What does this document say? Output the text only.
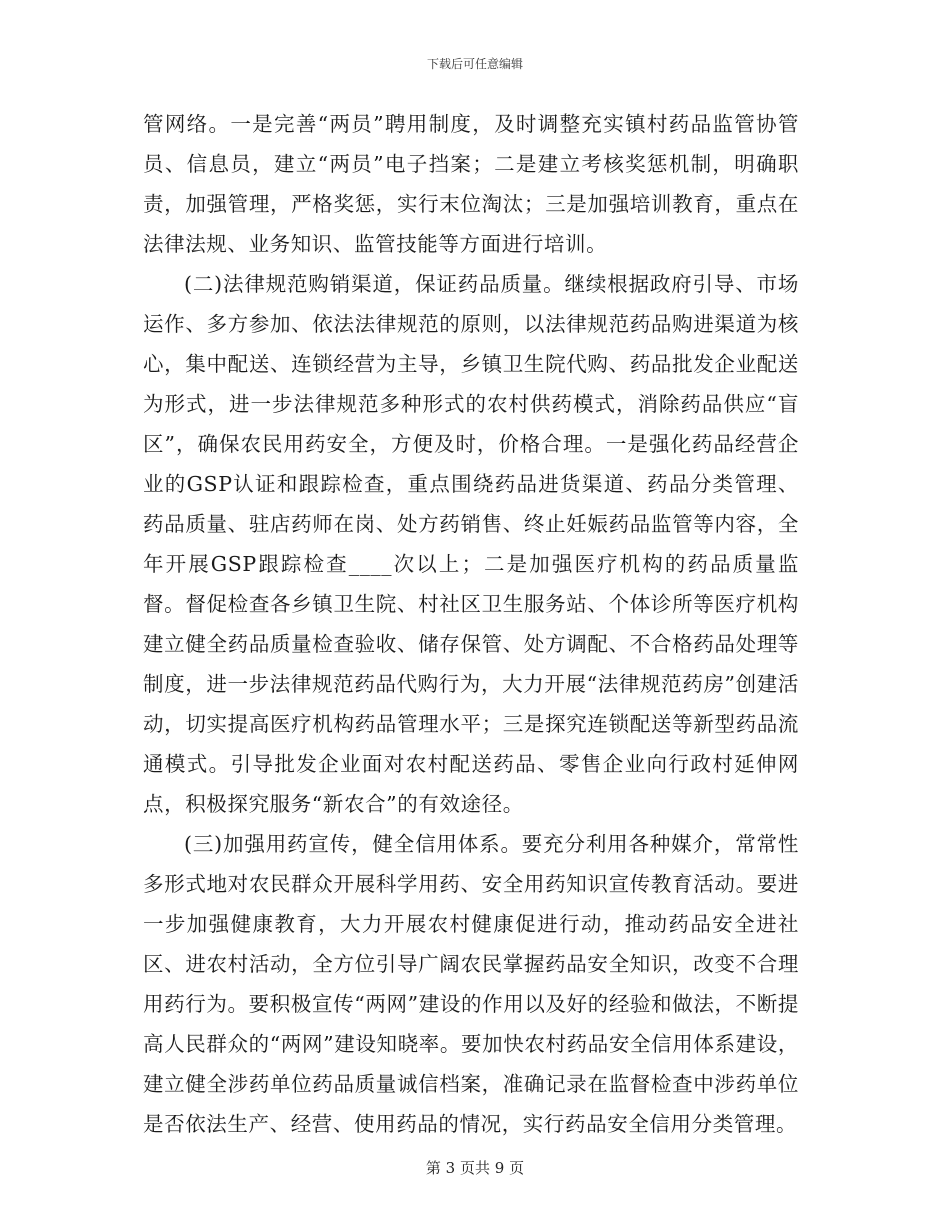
下载后可任意编辑

管网络。一是完善“两员”聘用制度，及时调整充实镇村药品监管协管员、信息员，建立“两员”电子挡案；二是建立考核奖惩机制，明确职责，加强管理，严格奖惩，实行末位淘汰；三是加强培训教育，重点在法律法规、业务知识、监管技能等方面进行培训。

(二)法律规范购销渠道，保证药品质量。继续根据政府引导、市场运作、多方参加、依法法律规范的原则，以法律规范药品购进渠道为核心，集中配送、连锁经营为主导，乡镇卫生院代购、药品批发企业配送为形式，进一步法律规范多种形式的农村供药模式，消除药品供应“盲区”，确保农民用药安全，方便及时，价格合理。一是强化药品经营企业的GSP认证和跟踪检查，重点围绕药品进货渠道、药品分类管理、药品质量、驻店药师在岗、处方药销售、终止妊娠药品监管等内容，全年开展GSP跟踪检查____次以上；二是加强医疗机构的药品质量监督。督促检查各乡镇卫生院、村社区卫生服务站、个体诊所等医疗机构建立健全药品质量检查验收、储存保管、处方调配、不合格药品处理等制度，进一步法律规范药品代购行为，大力开展“法律规范药房”创建活动，切实提高医疗机构药品管理水平；三是探究连锁配送等新型药品流通模式。引导批发企业面对农村配送药品、零售企业向行政村延伸网点，积极探究服务“新农合”的有效途径。

(三)加强用药宣传，健全信用体系。要充分利用各种媒介，常常性多形式地对农民群众开展科学用药、安全用药知识宣传教育活动。要进一步加强健康教育，大力开展农村健康促进行动，推动药品安全进社区、进农村活动，全方位引导广阔农民掌握药品安全知识，改变不合理用药行为。要积极宣传“两网”建设的作用以及好的经验和做法，不断提高人民群众的“两网”建设知晓率。要加快农村药品安全信用体系建设，建立健全涉药单位药品质量诚信档案，准确记录在监督检查中涉药单位是否依法生产、经营、使用药品的情况，实行药品安全信用分类管理。

第 3 页共 9 页
